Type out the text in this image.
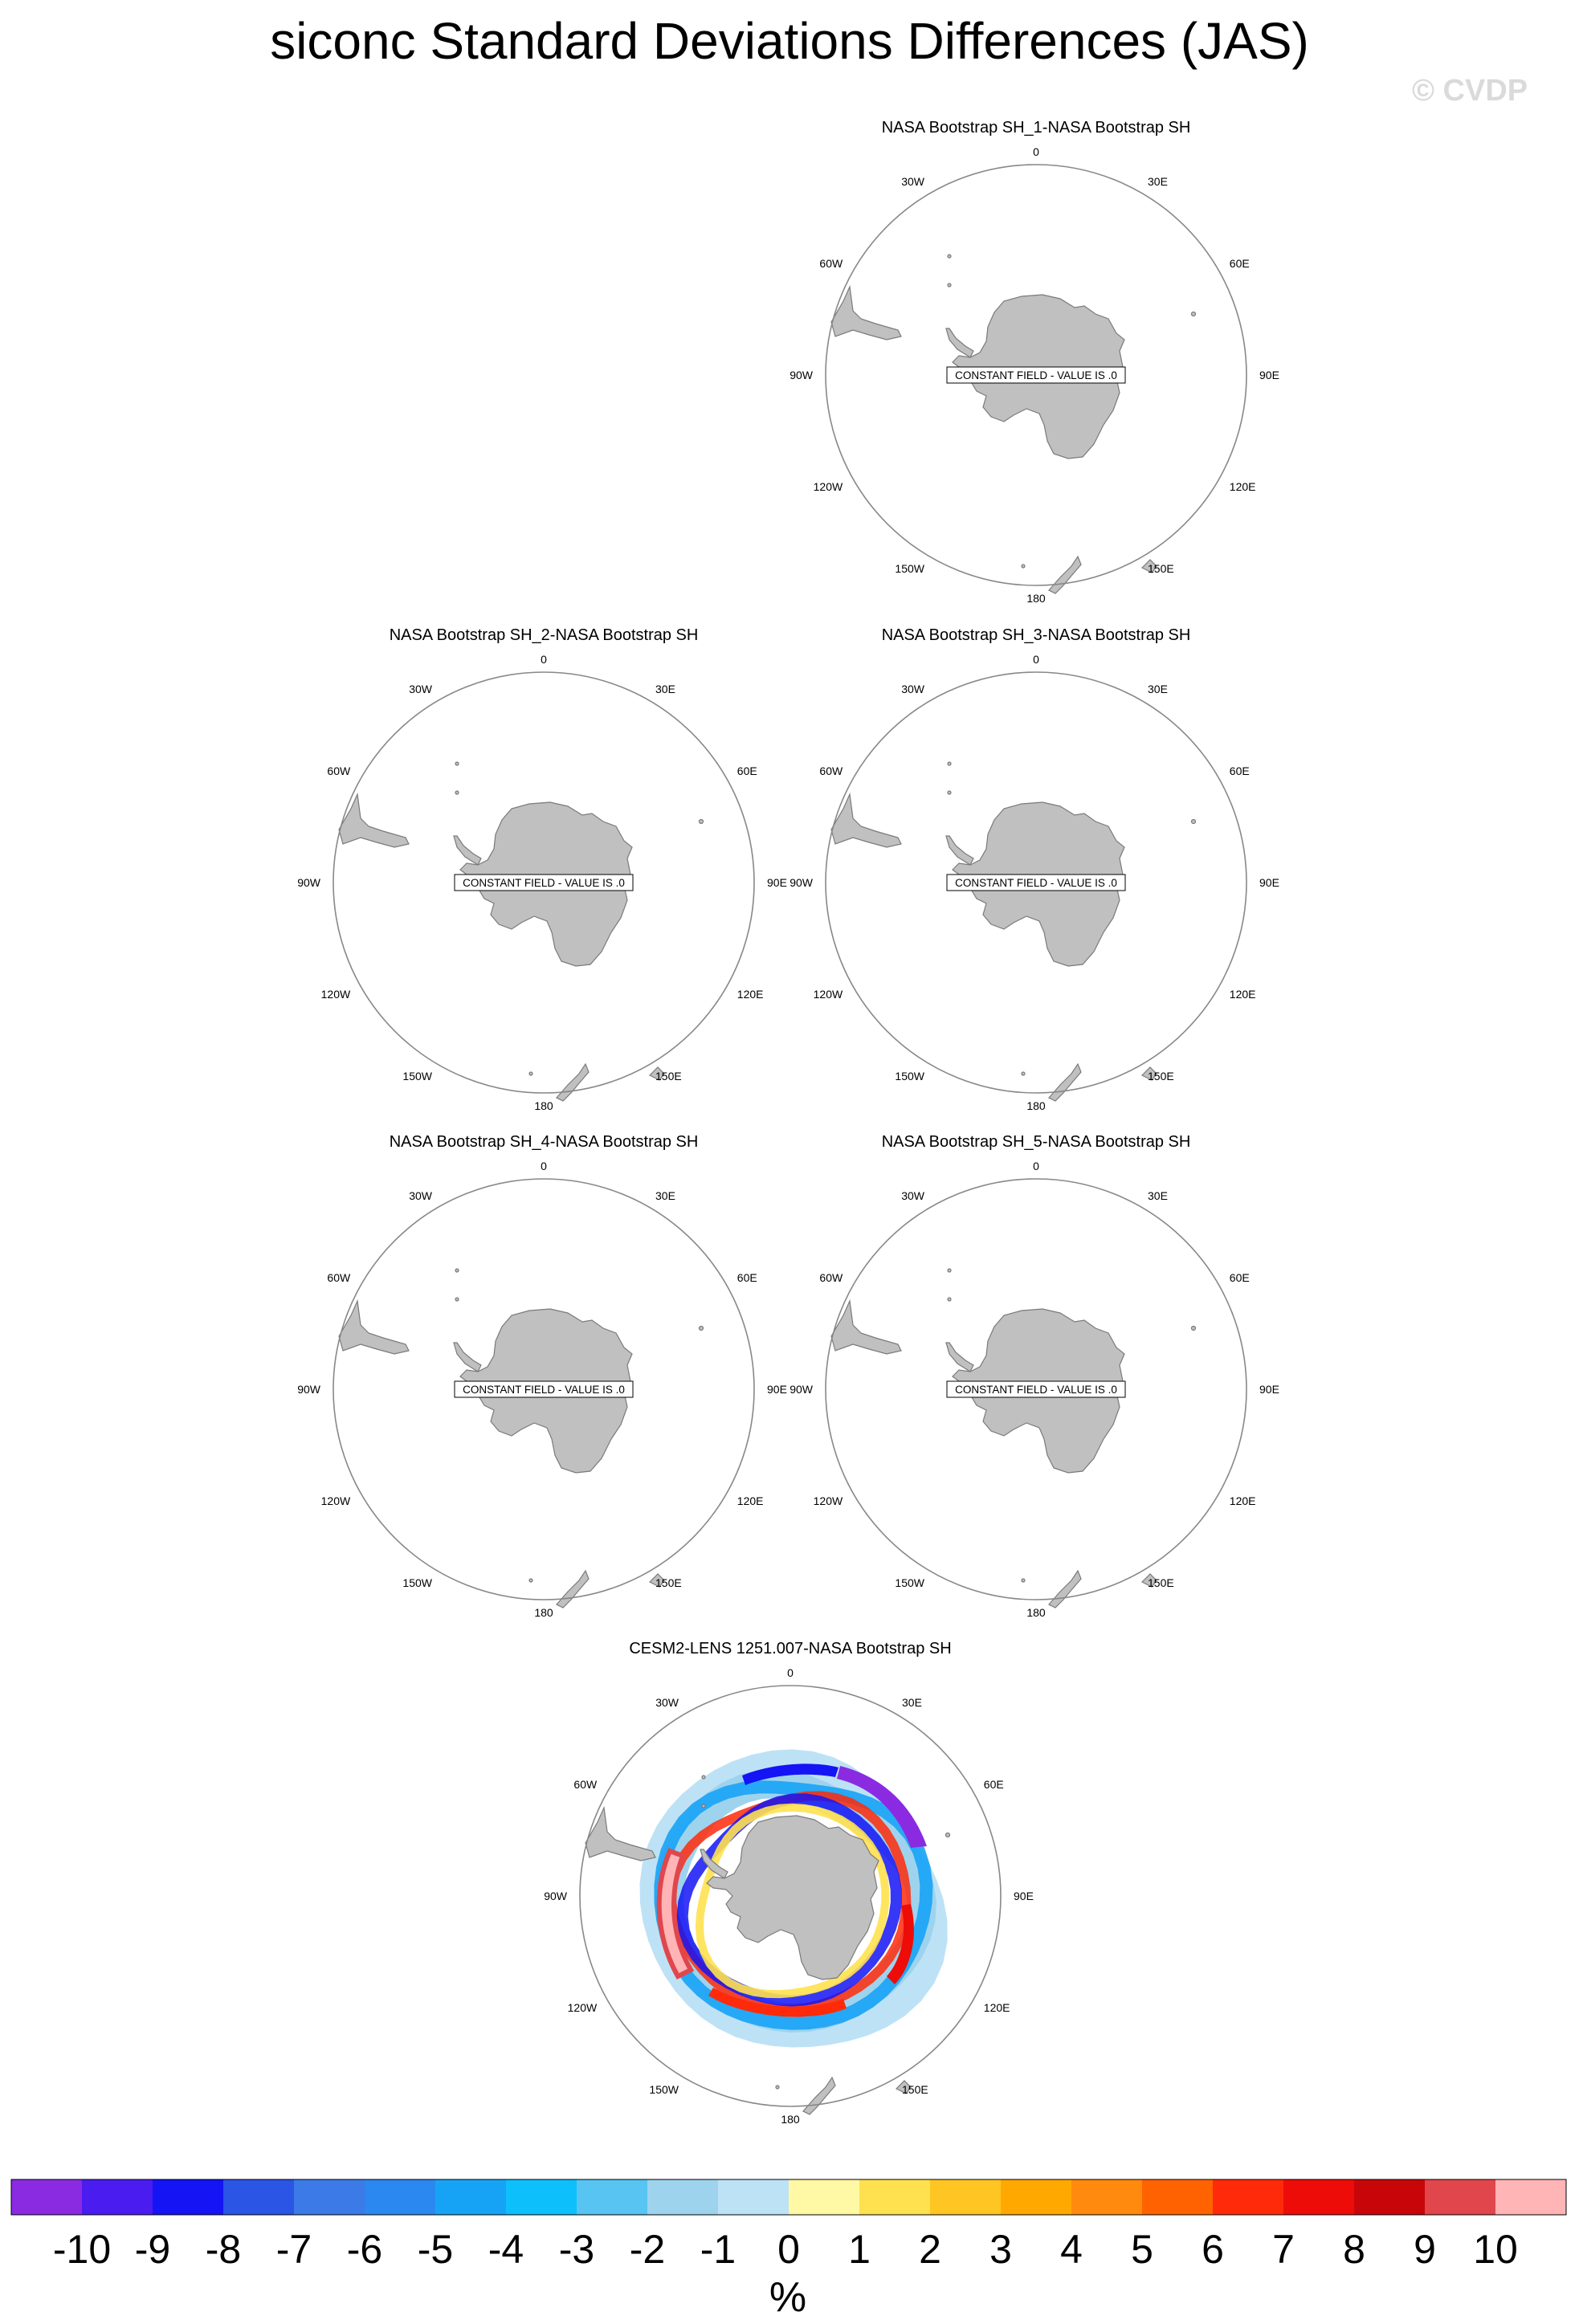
siconc Standard Deviations Differences (JAS)
© CVDP
NASA Bootstrap SH_1-NASA Bootstrap SH
0
30E
60E
90E
120E
150E
180
150W
120W
90W
60W
30W
CONSTANT FIELD - VALUE IS .0
NASA Bootstrap SH_2-NASA Bootstrap SH
0
30E
60E
90E
120E
150E
180
150W
120W
90W
60W
30W
CONSTANT FIELD - VALUE IS .0
NASA Bootstrap SH_3-NASA Bootstrap SH
0
30E
60E
90E
120E
150E
180
150W
120W
90W
60W
30W
CONSTANT FIELD - VALUE IS .0
NASA Bootstrap SH_4-NASA Bootstrap SH
0
30E
60E
90E
120E
150E
180
150W
120W
90W
60W
30W
CONSTANT FIELD - VALUE IS .0
NASA Bootstrap SH_5-NASA Bootstrap SH
0
30E
60E
90E
120E
150E
180
150W
120W
90W
60W
30W
CONSTANT FIELD - VALUE IS .0
CESM2-LENS 1251.007-NASA Bootstrap SH
0
30E
60E
90E
120E
150E
180
150W
120W
90W
60W
30W
-10 -9 -8 -7 -6 -5 -4 -3 -2 -1 0 1 2 3 4 5 6 7 8 9 10
%
